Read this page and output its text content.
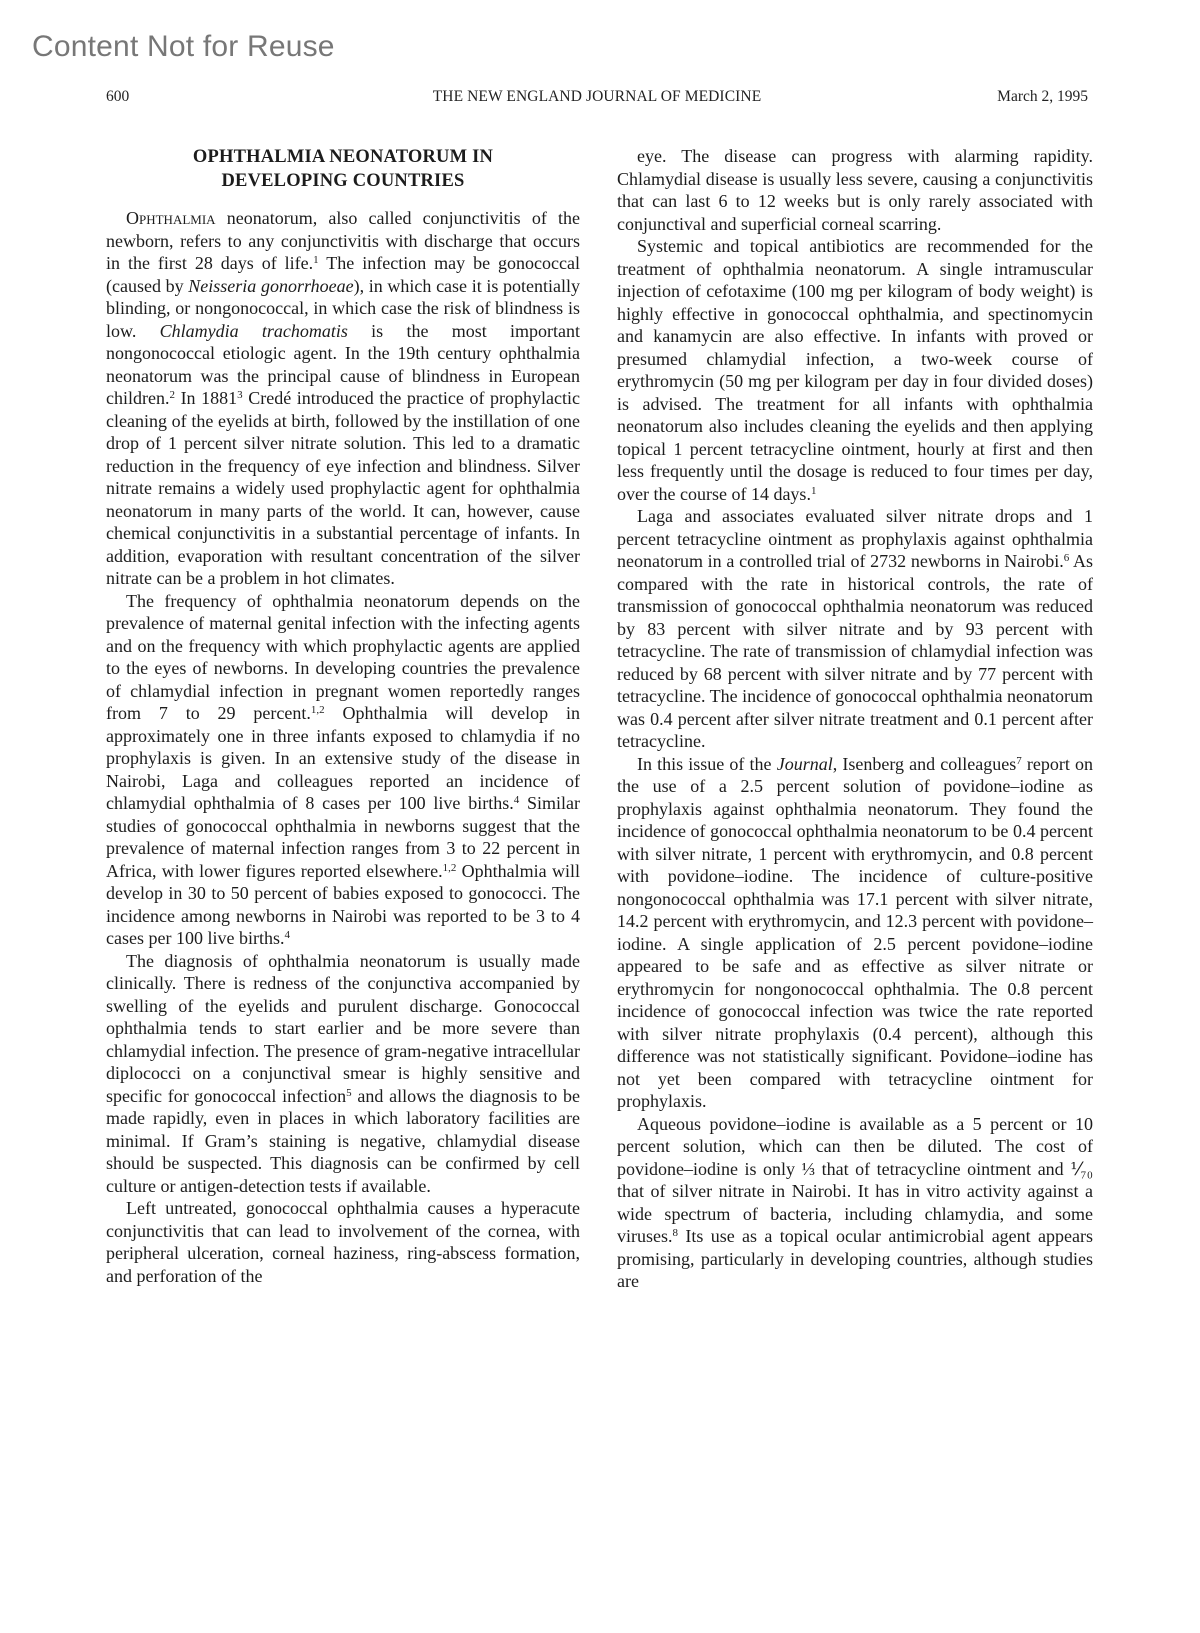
Content Not for Reuse
600	THE NEW ENGLAND JOURNAL OF MEDICINE	March 2, 1995
OPHTHALMIA NEONATORUM IN
DEVELOPING COUNTRIES

Ophthalmia neonatorum, also called conjunctivitis of the newborn, refers to any conjunctivitis with discharge that occurs in the first 28 days of life.$^1$ The infection may be gonococcal (caused by Neisseria gonorrhoeae), in which case it is potentially blinding, or nongonococcal, in which case the risk of blindness is low. Chlamydia trachomatis is the most important nongonococcal etiologic agent. In the 19th century ophthalmia neonatorum was the principal cause of blindness in European children.$^2$ In 1881$^3$ Credé introduced the practice of prophylactic cleaning of the eyelids at birth, followed by the instillation of one drop of 1 percent silver nitrate solution. This led to a dramatic reduction in the frequency of eye infection and blindness. Silver nitrate remains a widely used prophylactic agent for ophthalmia neonatorum in many parts of the world. It can, however, cause chemical conjunctivitis in a substantial percentage of infants. In addition, evaporation with resultant concentration of the silver nitrate can be a problem in hot climates.

The frequency of ophthalmia neonatorum depends on the prevalence of maternal genital infection with the infecting agents and on the frequency with which prophylactic agents are applied to the eyes of newborns. In developing countries the prevalence of chlamydial infection in pregnant women reportedly ranges from 7 to 29 percent.$^{1,2}$ Ophthalmia will develop in approximately one in three infants exposed to chlamydia if no prophylaxis is given. In an extensive study of the disease in Nairobi, Laga and colleagues reported an incidence of chlamydial ophthalmia of 8 cases per 100 live births.$^4$ Similar studies of gonococcal ophthalmia in newborns suggest that the prevalence of maternal infection ranges from 3 to 22 percent in Africa, with lower figures reported elsewhere.$^{1,2}$ Ophthalmia will develop in 30 to 50 percent of babies exposed to gonococci. The incidence among newborns in Nairobi was reported to be 3 to 4 cases per 100 live births.$^4$

The diagnosis of ophthalmia neonatorum is usually made clinically. There is redness of the conjunctiva accompanied by swelling of the eyelids and purulent discharge. Gonococcal ophthalmia tends to start earlier and be more severe than chlamydial infection. The presence of gram-negative intracellular diplococci on a conjunctival smear is highly sensitive and specific for gonococcal infection$^5$ and allows the diagnosis to be made rapidly, even in places in which laboratory facilities are minimal. If Gram’s staining is negative, chlamydial disease should be suspected. This diagnosis can be confirmed by cell culture or antigen-detection tests if available.

Left untreated, gonococcal ophthalmia causes a hyperacute conjunctivitis that can lead to involvement of the cornea, with peripheral ulceration, corneal haziness, ring-abscess formation, and perforation of the

eye. The disease can progress with alarming rapidity. Chlamydial disease is usually less severe, causing a conjunctivitis that can last 6 to 12 weeks but is only rarely associated with conjunctival and superficial corneal scarring.

Systemic and topical antibiotics are recommended for the treatment of ophthalmia neonatorum. A single intramuscular injection of cefotaxime (100 mg per kilogram of body weight) is highly effective in gonococcal ophthalmia, and spectinomycin and kanamycin are also effective. In infants with proved or presumed chlamydial infection, a two-week course of erythromycin (50 mg per kilogram per day in four divided doses) is advised. The treatment for all infants with ophthalmia neonatorum also includes cleaning the eyelids and then applying topical 1 percent tetracycline ointment, hourly at first and then less frequently until the dosage is reduced to four times per day, over the course of 14 days.$^1$

Laga and associates evaluated silver nitrate drops and 1 percent tetracycline ointment as prophylaxis against ophthalmia neonatorum in a controlled trial of 2732 newborns in Nairobi.$^6$ As compared with the rate in historical controls, the rate of transmission of gonococcal ophthalmia neonatorum was reduced by 83 percent with silver nitrate and by 93 percent with tetracycline. The rate of transmission of chlamydial infection was reduced by 68 percent with silver nitrate and by 77 percent with tetracycline. The incidence of gonococcal ophthalmia neonatorum was 0.4 percent after silver nitrate treatment and 0.1 percent after tetracycline.

In this issue of the Journal, Isenberg and colleagues$^7$ report on the use of a 2.5 percent solution of povidone–iodine as prophylaxis against ophthalmia neonatorum. They found the incidence of gonococcal ophthalmia neonatorum to be 0.4 percent with silver nitrate, 1 percent with erythromycin, and 0.8 percent with povidone–iodine. The incidence of culture-positive nongonococcal ophthalmia was 17.1 percent with silver nitrate, 14.2 percent with erythromycin, and 12.3 percent with povidone–iodine. A single application of 2.5 percent povidone–iodine appeared to be safe and as effective as silver nitrate or erythromycin for nongonococcal ophthalmia. The 0.8 percent incidence of gonococcal infection was twice the rate reported with silver nitrate prophylaxis (0.4 percent), although this difference was not statistically significant. Povidone–iodine has not yet been compared with tetracycline ointment for prophylaxis.

Aqueous povidone–iodine is available as a 5 percent or 10 percent solution, which can then be diluted. The cost of povidone–iodine is only ⅓ that of tetracycline ointment and ⅟₇₀ that of silver nitrate in Nairobi. It has in vitro activity against a wide spectrum of bacteria, including chlamydia, and some viruses.$^8$ Its use as a topical ocular antimicrobial agent appears promising, particularly in developing countries, although studies are
